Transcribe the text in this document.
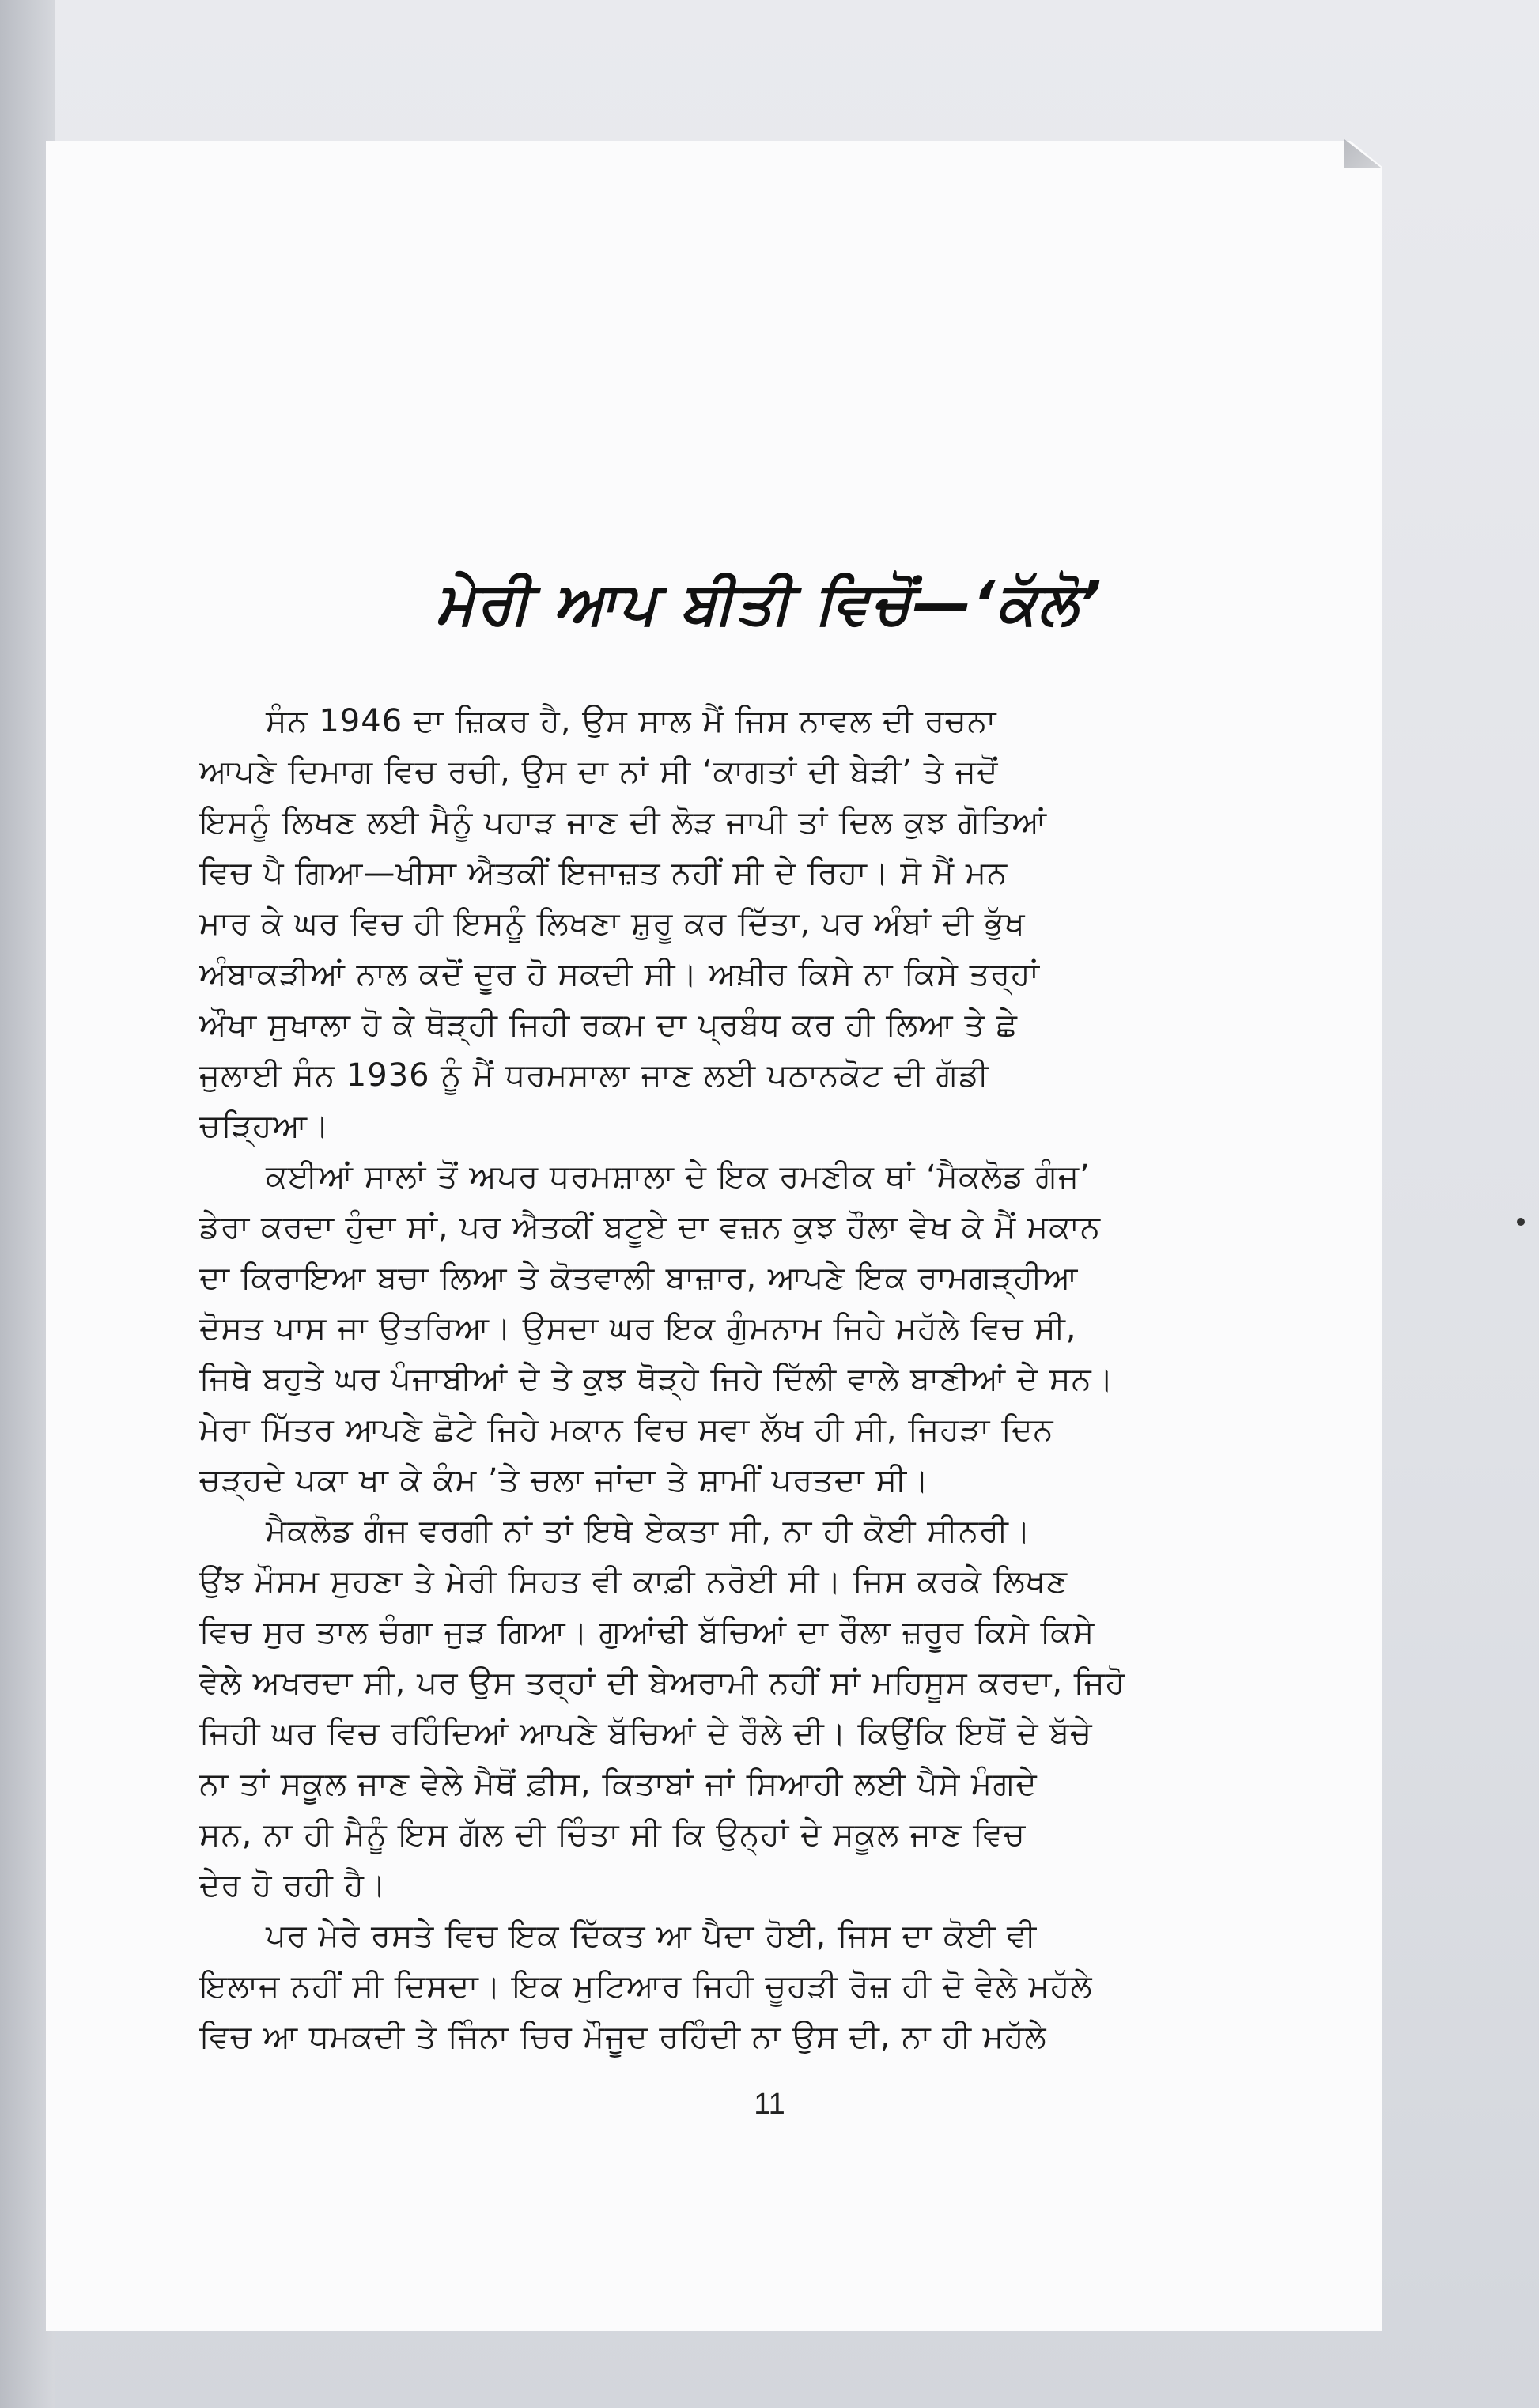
ਮੇਰੀ ਆਪ ਬੀਤੀ ਵਿਚੋਂ—‘ਕੱਲੋ’
ਸੰਨ 1946 ਦਾ ਜ਼ਿਕਰ ਹੈ, ਉਸ ਸਾਲ ਮੈਂ ਜਿਸ ਨਾਵਲ ਦੀ ਰਚਨਾ
ਆਪਣੇ ਦਿਮਾਗ ਵਿਚ ਰਚੀ, ਉਸ ਦਾ ਨਾਂ ਸੀ ‘ਕਾਗਤਾਂ ਦੀ ਬੇੜੀ’ ਤੇ ਜਦੋਂ
ਇਸਨੂੰ ਲਿਖਣ ਲਈ ਮੈਨੂੰ ਪਹਾੜ ਜਾਣ ਦੀ ਲੋੜ ਜਾਪੀ ਤਾਂ ਦਿਲ ਕੁਝ ਗੋਤਿਆਂ
ਵਿਚ ਪੈ ਗਿਆ—ਖੀਸਾ ਐਤਕੀਂ ਇਜਾਜ਼ਤ ਨਹੀਂ ਸੀ ਦੇ ਰਿਹਾ। ਸੋ ਮੈਂ ਮਨ
ਮਾਰ ਕੇ ਘਰ ਵਿਚ ਹੀ ਇਸਨੂੰ ਲਿਖਣਾ ਸ਼ੁਰੂ ਕਰ ਦਿੱਤਾ, ਪਰ ਅੰਬਾਂ ਦੀ ਭੁੱਖ
ਅੰਬਾਕੜੀਆਂ ਨਾਲ ਕਦੋਂ ਦੂਰ ਹੋ ਸਕਦੀ ਸੀ। ਅਖ਼ੀਰ ਕਿਸੇ ਨਾ ਕਿਸੇ ਤਰ੍ਹਾਂ
ਔਖਾ ਸੁਖਾਲਾ ਹੋ ਕੇ ਥੋੜ੍ਹੀ ਜਿਹੀ ਰਕਮ ਦਾ ਪ੍ਰਬੰਧ ਕਰ ਹੀ ਲਿਆ ਤੇ ਛੇ
ਜੁਲਾਈ ਸੰਨ 1936 ਨੂੰ ਮੈਂ ਧਰਮਸਾਲਾ ਜਾਣ ਲਈ ਪਠਾਨਕੋਟ ਦੀ ਗੱਡੀ
ਚੜ੍ਹਿਆ।
ਕਈਆਂ ਸਾਲਾਂ ਤੋਂ ਅਪਰ ਧਰਮਸ਼ਾਲਾ ਦੇ ਇਕ ਰਮਣੀਕ ਥਾਂ ‘ਮੈਕਲੋਡ ਗੰਜ’
ਡੇਰਾ ਕਰਦਾ ਹੁੰਦਾ ਸਾਂ, ਪਰ ਐਤਕੀਂ ਬਟੂਏ ਦਾ ਵਜ਼ਨ ਕੁਝ ਹੌਲਾ ਵੇਖ ਕੇ ਮੈਂ ਮਕਾਨ
ਦਾ ਕਿਰਾਇਆ ਬਚਾ ਲਿਆ ਤੇ ਕੋਤਵਾਲੀ ਬਾਜ਼ਾਰ, ਆਪਣੇ ਇਕ ਰਾਮਗੜ੍ਹੀਆ
ਦੋਸਤ ਪਾਸ ਜਾ ਉਤਰਿਆ। ਉਸਦਾ ਘਰ ਇਕ ਗੁੰਮਨਾਮ ਜਿਹੇ ਮਹੱਲੇ ਵਿਚ ਸੀ,
ਜਿਥੇ ਬਹੁਤੇ ਘਰ ਪੰਜਾਬੀਆਂ ਦੇ ਤੇ ਕੁਝ ਥੋੜ੍ਹੇ ਜਿਹੇ ਦਿੱਲੀ ਵਾਲੇ ਬਾਣੀਆਂ ਦੇ ਸਨ।
ਮੇਰਾ ਮਿੱਤਰ ਆਪਣੇ ਛੋਟੇ ਜਿਹੇ ਮਕਾਨ ਵਿਚ ਸਵਾ ਲੱਖ ਹੀ ਸੀ, ਜਿਹੜਾ ਦਿਨ
ਚੜ੍ਹਦੇ ਪਕਾ ਖਾ ਕੇ ਕੰਮ ’ਤੇ ਚਲਾ ਜਾਂਦਾ ਤੇ ਸ਼ਾਮੀਂ ਪਰਤਦਾ ਸੀ।
ਮੈਕਲੋਡ ਗੰਜ ਵਰਗੀ ਨਾਂ ਤਾਂ ਇਥੇ ਏਕਤਾ ਸੀ, ਨਾ ਹੀ ਕੋਈ ਸੀਨਰੀ।
ਉਂਝ ਮੌਸਮ ਸੁਹਣਾ ਤੇ ਮੇਰੀ ਸਿਹਤ ਵੀ ਕਾਫ਼ੀ ਨਰੋਈ ਸੀ। ਜਿਸ ਕਰਕੇ ਲਿਖਣ
ਵਿਚ ਸੁਰ ਤਾਲ ਚੰਗਾ ਜੁੜ ਗਿਆ। ਗੁਆਂਢੀ ਬੱਚਿਆਂ ਦਾ ਰੌਲਾ ਜ਼ਰੂਰ ਕਿਸੇ ਕਿਸੇ
ਵੇਲੇ ਅਖਰਦਾ ਸੀ, ਪਰ ਉਸ ਤਰ੍ਹਾਂ ਦੀ ਬੇਅਰਾਮੀ ਨਹੀਂ ਸਾਂ ਮਹਿਸੂਸ ਕਰਦਾ, ਜਿਹੋ
ਜਿਹੀ ਘਰ ਵਿਚ ਰਹਿੰਦਿਆਂ ਆਪਣੇ ਬੱਚਿਆਂ ਦੇ ਰੌਲੇ ਦੀ। ਕਿਉਂਕਿ ਇਥੋਂ ਦੇ ਬੱਚੇ
ਨਾ ਤਾਂ ਸਕੂਲ ਜਾਣ ਵੇਲੇ ਮੈਥੋਂ ਫ਼ੀਸ, ਕਿਤਾਬਾਂ ਜਾਂ ਸਿਆਹੀ ਲਈ ਪੈਸੇ ਮੰਗਦੇ
ਸਨ, ਨਾ ਹੀ ਮੈਨੂੰ ਇਸ ਗੱਲ ਦੀ ਚਿੰਤਾ ਸੀ ਕਿ ਉਨ੍ਹਾਂ ਦੇ ਸਕੂਲ ਜਾਣ ਵਿਚ
ਦੇਰ ਹੋ ਰਹੀ ਹੈ।
ਪਰ ਮੇਰੇ ਰਸਤੇ ਵਿਚ ਇਕ ਦਿੱਕਤ ਆ ਪੈਦਾ ਹੋਈ, ਜਿਸ ਦਾ ਕੋਈ ਵੀ
ਇਲਾਜ ਨਹੀਂ ਸੀ ਦਿਸਦਾ। ਇਕ ਮੁਟਿਆਰ ਜਿਹੀ ਚੂਹੜੀ ਰੋਜ਼ ਹੀ ਦੋ ਵੇਲੇ ਮਹੱਲੇ
ਵਿਚ ਆ ਧਮਕਦੀ ਤੇ ਜਿੰਨਾ ਚਿਰ ਮੌਜੂਦ ਰਹਿੰਦੀ ਨਾ ਉਸ ਦੀ, ਨਾ ਹੀ ਮਹੱਲੇ
11
